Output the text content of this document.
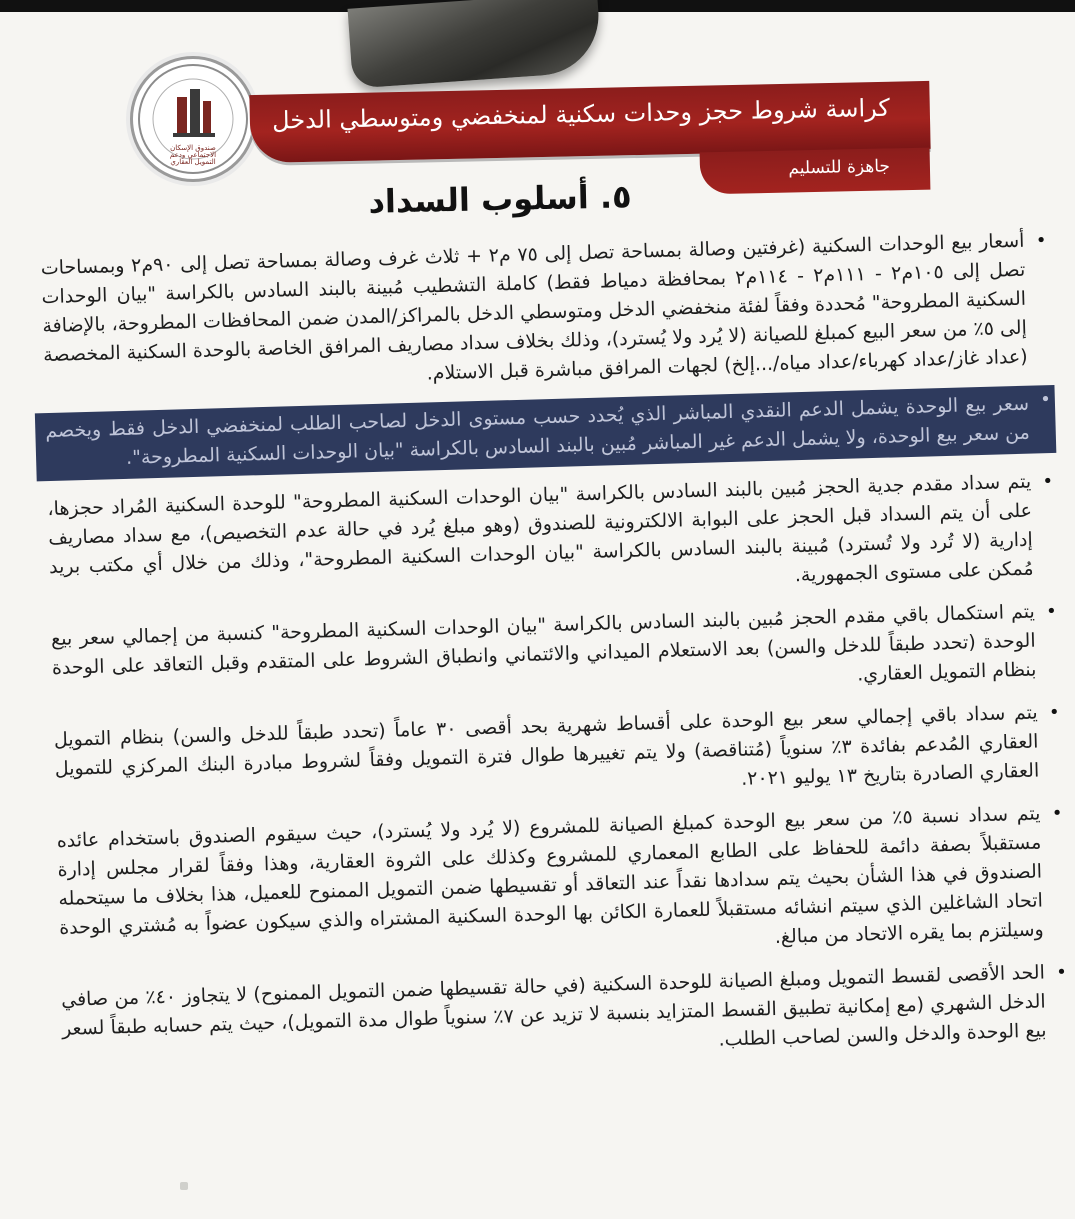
صندوق الإسكان الاجتماعي ودعم التمويل العقاري
كراسة شروط حجز وحدات سكنية لمنخفضي ومتوسطي الدخل
جاهزة للتسليم
٥. أسلوب السداد
•
أسعار بيع الوحدات السكنية (غرفتين وصالة بمساحة تصل إلى ٧٥ م٢ + ثلاث غرف وصالة بمساحة تصل إلى ٩٠م٢ وبمساحات تصل إلى ١٠٥م٢ - ١١١م٢ - ١١٤م٢ بمحافظة دمياط فقط) كاملة التشطيب مُبينة بالبند السادس بالكراسة "بيان الوحدات السكنية المطروحة" مُحددة وفقاً لفئة منخفضي الدخل ومتوسطي الدخل بالمراكز/المدن ضمن المحافظات المطروحة، بالإضافة إلى ٥٪ من سعر البيع كمبلغ للصيانة (لا يُرد ولا يُسترد)، وذلك بخلاف سداد مصاريف المرافق الخاصة بالوحدة السكنية المخصصة (عداد غاز/عداد كهرباء/عداد مياه/...إلخ) لجهات المرافق مباشرة قبل الاستلام.
•
سعر بيع الوحدة يشمل الدعم النقدي المباشر الذي يُحدد حسب مستوى الدخل لصاحب الطلب لمنخفضي الدخل فقط ويخصم من سعر بيع الوحدة، ولا يشمل الدعم غير المباشر مُبين بالبند السادس بالكراسة "بيان الوحدات السكنية المطروحة".
•
يتم سداد مقدم جدية الحجز مُبين بالبند السادس بالكراسة "بيان الوحدات السكنية المطروحة" للوحدة السكنية المُراد حجزها، على أن يتم السداد قبل الحجز على البوابة الالكترونية للصندوق (وهو مبلغ يُرد في حالة عدم التخصيص)، مع سداد مصاريف إدارية (لا تُرد ولا تُسترد) مُبينة بالبند السادس بالكراسة "بيان الوحدات السكنية المطروحة"، وذلك من خلال أي مكتب بريد مُمكن على مستوى الجمهورية.
•
يتم استكمال باقي مقدم الحجز مُبين بالبند السادس بالكراسة "بيان الوحدات السكنية المطروحة" كنسبة من إجمالي سعر بيع الوحدة (تحدد طبقاً للدخل والسن) بعد الاستعلام الميداني والائتماني وانطباق الشروط على المتقدم وقبل التعاقد على الوحدة بنظام التمويل العقاري.
•
يتم سداد باقي إجمالي سعر بيع الوحدة على أقساط شهرية بحد أقصى ٣٠ عاماً (تحدد طبقاً للدخل والسن) بنظام التمويل العقاري المُدعم بفائدة ٣٪ سنوياً (مُتناقصة) ولا يتم تغييرها طوال فترة التمويل وفقاً لشروط مبادرة البنك المركزي للتمويل العقاري الصادرة بتاريخ ١٣ يوليو ٢٠٢١.
•
يتم سداد نسبة ٥٪ من سعر بيع الوحدة كمبلغ الصيانة للمشروع (لا يُرد ولا يُسترد)، حيث سيقوم الصندوق باستخدام عائده مستقبلاً بصفة دائمة للحفاظ على الطابع المعماري للمشروع وكذلك على الثروة العقارية، وهذا وفقاً لقرار مجلس إدارة الصندوق في هذا الشأن بحيث يتم سدادها نقداً عند التعاقد أو تقسيطها ضمن التمويل الممنوح للعميل، هذا بخلاف ما سيتحمله اتحاد الشاغلين الذي سيتم انشائه مستقبلاً للعمارة الكائن بها الوحدة السكنية المشتراه والذي سيكون عضواً به مُشتري الوحدة وسيلتزم بما يقره الاتحاد من مبالغ.
•
الحد الأقصى لقسط التمويل ومبلغ الصيانة للوحدة السكنية (في حالة تقسيطها ضمن التمويل الممنوح) لا يتجاوز ٤٠٪ من صافي الدخل الشهري (مع إمكانية تطبيق القسط المتزايد بنسبة لا تزيد عن ٧٪ سنوياً طوال مدة التمويل)، حيث يتم حسابه طبقاً لسعر بيع الوحدة والدخل والسن لصاحب الطلب.
